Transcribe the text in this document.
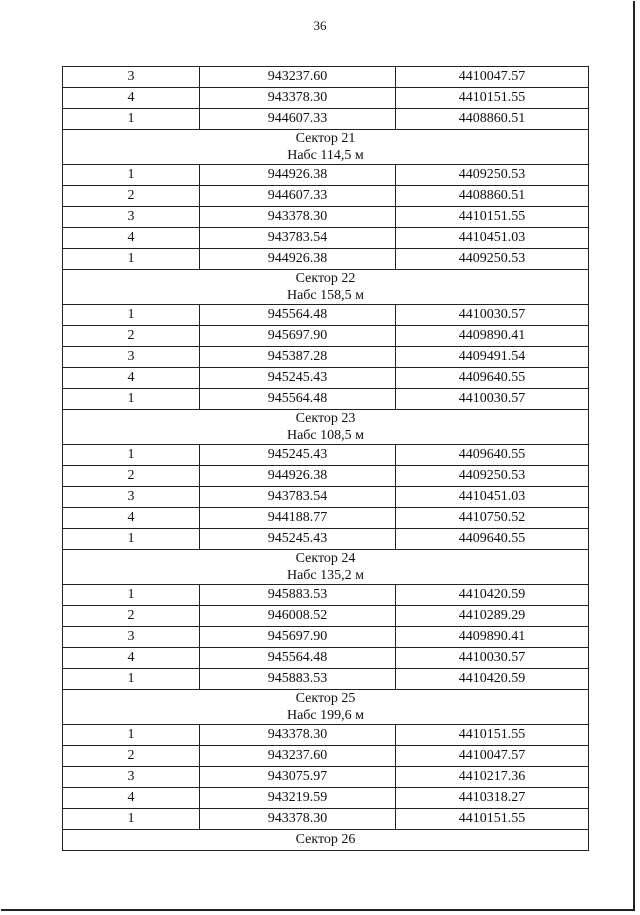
36
3	943237.60	4410047.57
4	943378.30	4410151.55
1	944607.33	4408860.51

Сектор 21
Набс 114,5 м		

1	944926.38	4409250.53
2	944607.33	4408860.51
3	943378.30	4410151.55
4	943783.54	4410451.03
1	944926.38	4409250.53

Сектор 22
Набс 158,5 м		

1	945564.48	4410030.57
2	945697.90	4409890.41
3	945387.28	4409491.54
4	945245.43	4409640.55
1	945564.48	4410030.57

Сектор 23
Набс 108,5 м		

1	945245.43	4409640.55
2	944926.38	4409250.53
3	943783.54	4410451.03
4	944188.77	4410750.52
1	945245.43	4409640.55

Сектор 24
Набс 135,2 м		

1	945883.53	4410420.59
2	946008.52	4410289.29
3	945697.90	4409890.41
4	945564.48	4410030.57
1	945883.53	4410420.59

Сектор 25
Набс 199,6 м		

1	943378.30	4410151.55
2	943237.60	4410047.57
3	943075.97	4410217.36
4	943219.59	4410318.27
1	943378.30	4410151.55

Сектор 26		
